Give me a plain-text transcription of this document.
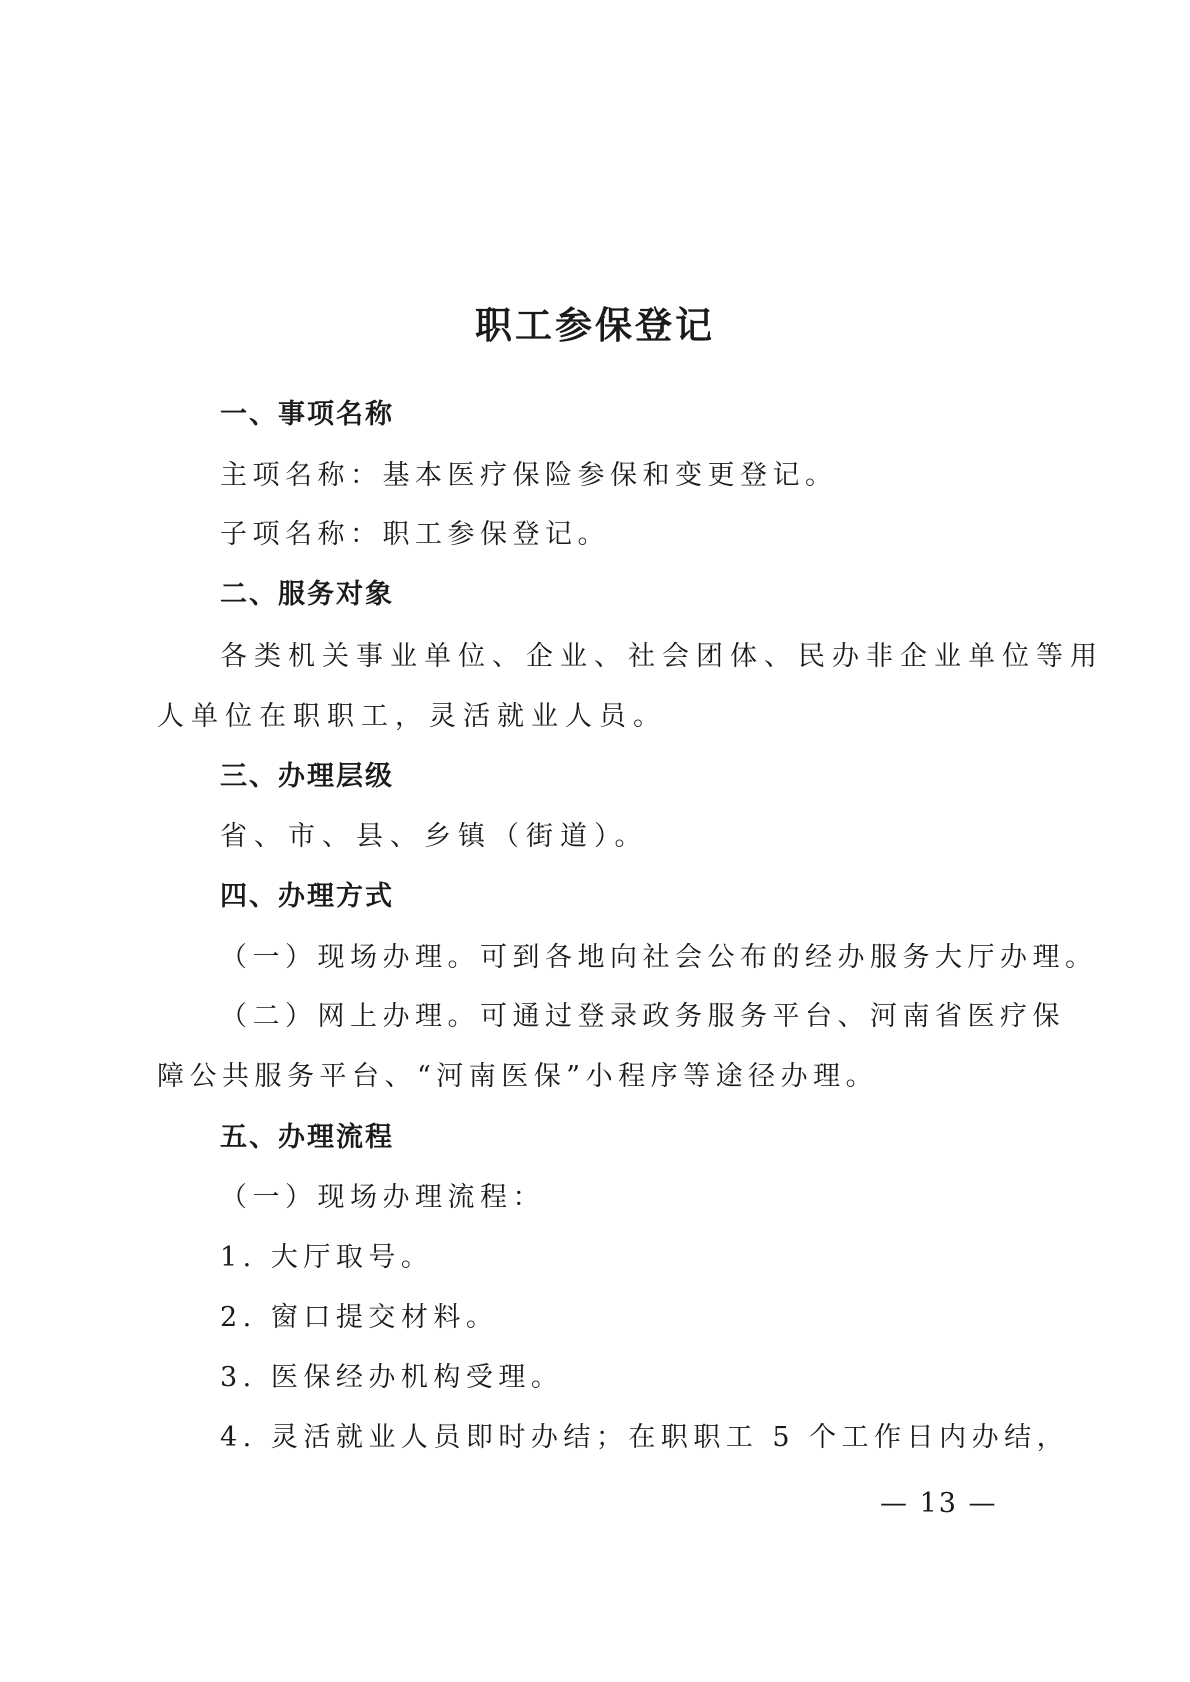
职工参保登记

一、事项名称

主项名称：基本医疗保险参保和变更登记。

子项名称：职工参保登记。

二、服务对象

各类机关事业单位、企业、社会团体、民办非企业单位等用

人单位在职职工，灵活就业人员。

三、办理层级

省、市、县、乡镇（街道）。

四、办理方式

（一）现场办理。可到各地向社会公布的经办服务大厅办理。

（二）网上办理。可通过登录政务服务平台、河南省医疗保

障公共服务平台、“河南医保”小程序等途径办理。

五、办理流程

（一）现场办理流程：

1. 大厅取号。

2. 窗口提交材料。

3. 医保经办机构受理。

4. 灵活就业人员即时办结；在职职工 5 个工作日内办结，

— 13 —
